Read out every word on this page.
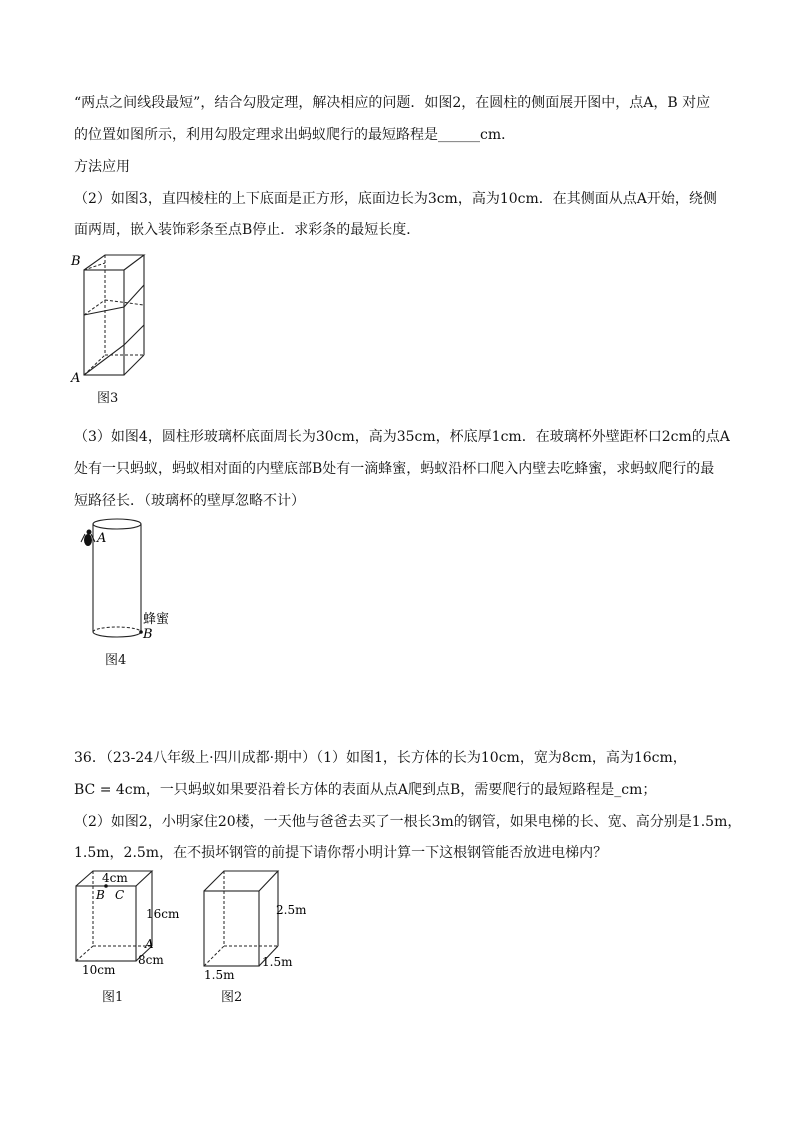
“两点之间线段最短”，结合勾股定理，解决相应的问题．如图2，在圆柱的侧面展开图中，点A，B 对应
的位置如图所示，利用勾股定理求出蚂蚁爬行的最短路程是______cm．
方法应用
（2）如图3，直四棱柱的上下底面是正方形，底面边长为3cm，高为10cm．在其侧面从点A开始，绕侧
面两周，嵌入装饰彩条至点B停止．求彩条的最短长度．
B
A
图3
（3）如图4，圆柱形玻璃杯底面周长为30cm，高为35cm，杯底厚1cm．在玻璃杯外壁距杯口2cm的点A
处有一只蚂蚁，蚂蚁相对面的内壁底部B处有一滴蜂蜜，蚂蚁沿杯口爬入内壁去吃蜂蜜，求蚂蚁爬行的最
短路径长．（玻璃杯的壁厚忽略不计）
A
B
蜂蜜
图4
36．（23-24八年级上·四川成都·期中）（1）如图1，长方体的长为10cm，宽为8cm，高为16cm，
BC = 4cm，一只蚂蚁如果要沿着长方体的表面从点A爬到点B，需要爬行的最短路程是_cm；
（2）如图2，小明家住20楼，一天他与爸爸去买了一根长3m的钢管，如果电梯的长、宽、高分别是1.5m，
1.5m，2.5m，在不损坏钢管的前提下请你帮小明计算一下这根钢管能否放进电梯内？
4cm
B C
16cm
A
8cm
10cm
图1
2.5m
1.5m
1.5m
图2
